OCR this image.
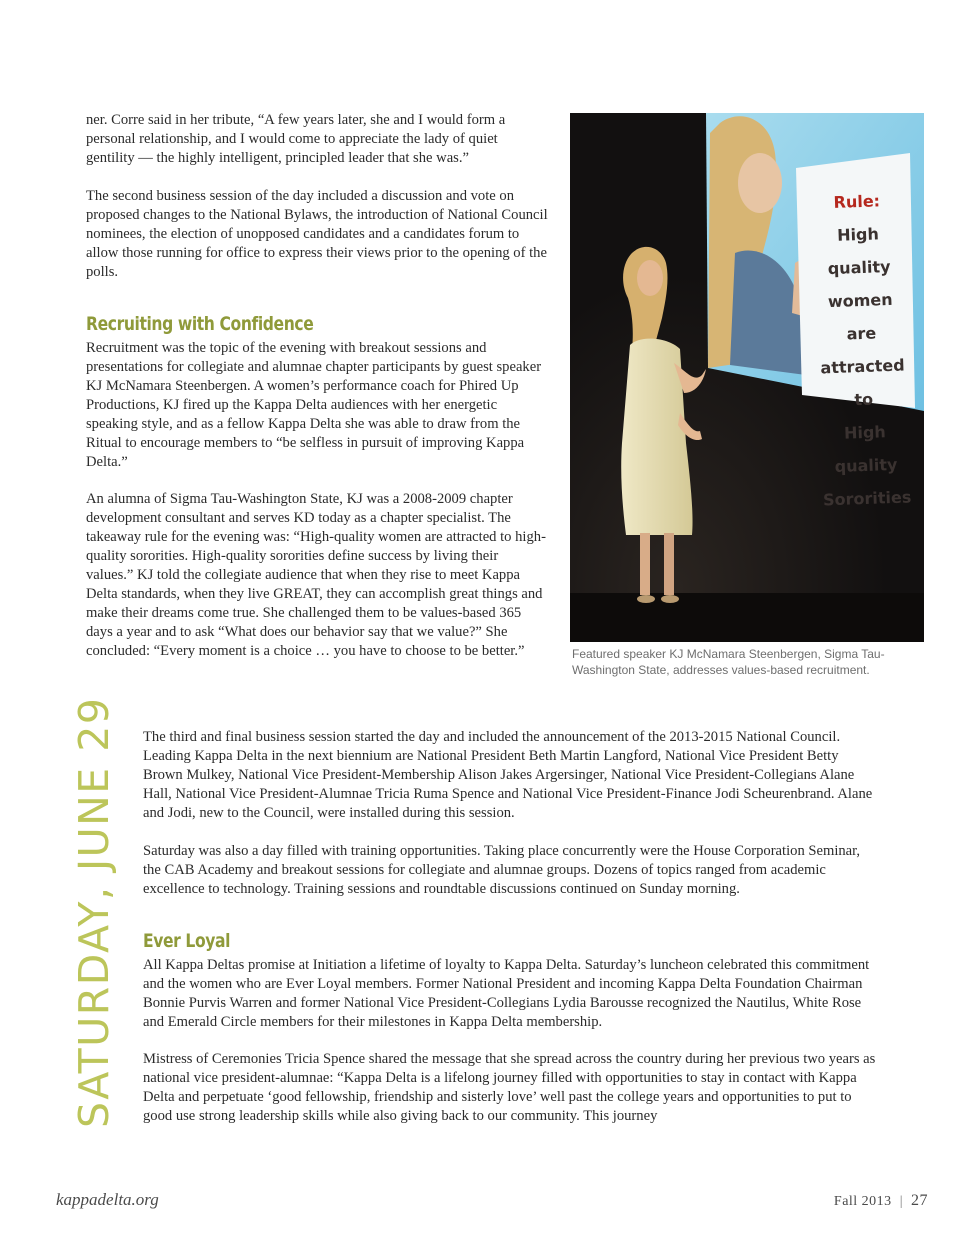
ner. Corre said in her tribute, “A few years later, she and I would form a personal relationship, and I would come to appreciate the lady of quiet gentility — the highly intelligent, principled leader that she was.”

The second business session of the day included a discussion and vote on proposed changes to the National Bylaws, the introduction of National Council nominees, the election of unopposed candidates and a candidates forum to allow those running for office to express their views prior to the opening of the polls.

Recruiting with Confidence

Recruitment was the topic of the evening with breakout sessions and presentations for collegiate and alumnae chapter participants by guest speaker KJ McNamara Steenbergen. A women’s performance coach for Phired Up Productions, KJ fired up the Kappa Delta audiences with her energetic speaking style, and as a fellow Kappa Delta she was able to draw from the Ritual to encourage members to “be selfless in pursuit of improving Kappa Delta.”

An alumna of Sigma Tau-Washington State, KJ was a 2008-2009 chapter development consultant and serves KD today as a chapter specialist. The takeaway rule for the evening was: “High-quality women are attracted to high-quality sororities. High-quality sororities define success by living their values.” KJ told the collegiate audience that when they rise to meet Kappa Delta standards, when they live GREAT, they can accomplish great things and make their dreams come true. She challenged them to be values-based 365 days a year and to ask “What does our behavior say that we value?” She concluded: “Every moment is a choice … you have to choose to be better.”

Rule:
High quality
women are
attracted to
High quality
Sororities

Featured speaker KJ McNamara Steenbergen, Sigma Tau-Washington State, addresses values-based recruitment.

SATURDAY, JUNE 29 The third and final business session started the day and included the announcement of the 2013-2015 National Council. Leading Kappa Delta in the next biennium are National President Beth Martin Langford, National Vice President Betty Brown Mulkey, National Vice President-Membership Alison Jakes Argersinger, National Vice President-Collegians Alane Hall, National Vice President-Alumnae Tricia Ruma Spence and National Vice President-Finance Jodi Scheurenbrand. Alane and Jodi, new to the Council, were installed during this session.

Saturday was also a day filled with training opportunities. Taking place concurrently were the House Corporation Seminar, the CAB Academy and breakout sessions for collegiate and alumnae groups. Dozens of topics ranged from academic excellence to technology. Training sessions and roundtable discussions continued on Sunday morning.

Ever Loyal

All Kappa Deltas promise at Initiation a lifetime of loyalty to Kappa Delta. Saturday’s luncheon celebrated this commitment and the women who are Ever Loyal members. Former National President and incoming Kappa Delta Foundation Chairman Bonnie Purvis Warren and former National Vice President-Collegians Lydia Barousse recognized the Nautilus, White Rose and Emerald Circle members for their milestones in Kappa Delta membership.

Mistress of Ceremonies Tricia Spence shared the message that she spread across the country during her previous two years as national vice president-alumnae: “Kappa Delta is a lifelong journey filled with opportunities to stay in contact with Kappa Delta and perpetuate ‘good fellowship, friendship and sisterly love’ well past the college years and opportunities to put to good use strong leadership skills while also giving back to our community. This journey

kappadelta.org	Fall 2013 | 27
